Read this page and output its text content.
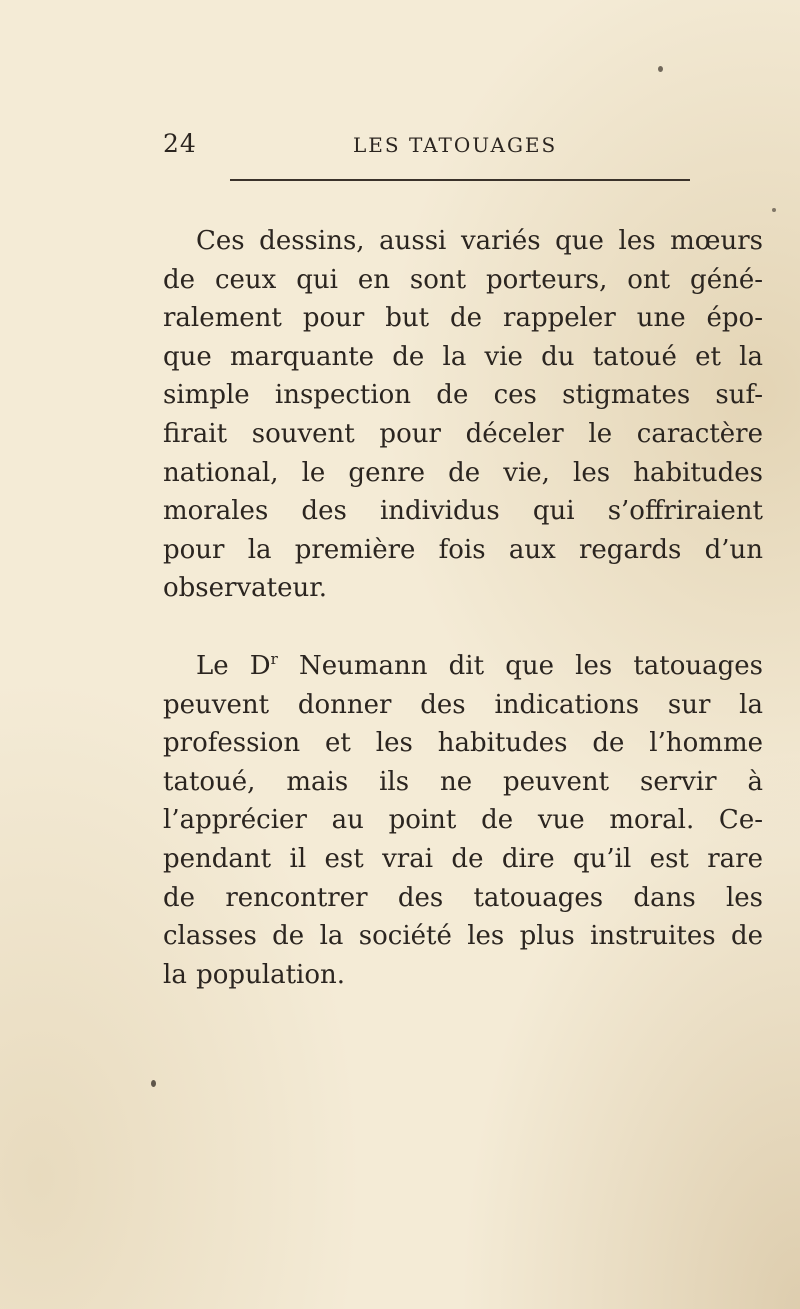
24	LES TATOUAGES

Ces dessins, aussi variés que les mœurs
de ceux qui en sont porteurs, ont géné-
ralement pour but de rappeler une épo-
que marquante de la vie du tatoué et la
simple inspection de ces stigmates suf-
firait souvent pour déceler le caractère
national, le genre de vie, les habitudes
morales des individus qui s’offriraient
pour la première fois aux regards d’un
observateur.

Le $D^r$ Neumann dit que les tatouages
peuvent donner des indications sur la
profession et les habitudes de l’homme
tatoué, mais ils ne peuvent servir à
l’apprécier au point de vue moral. Ce-
pendant il est vrai de dire qu’il est rare
de rencontrer des tatouages dans les
classes de la société les plus instruites de
la population.
